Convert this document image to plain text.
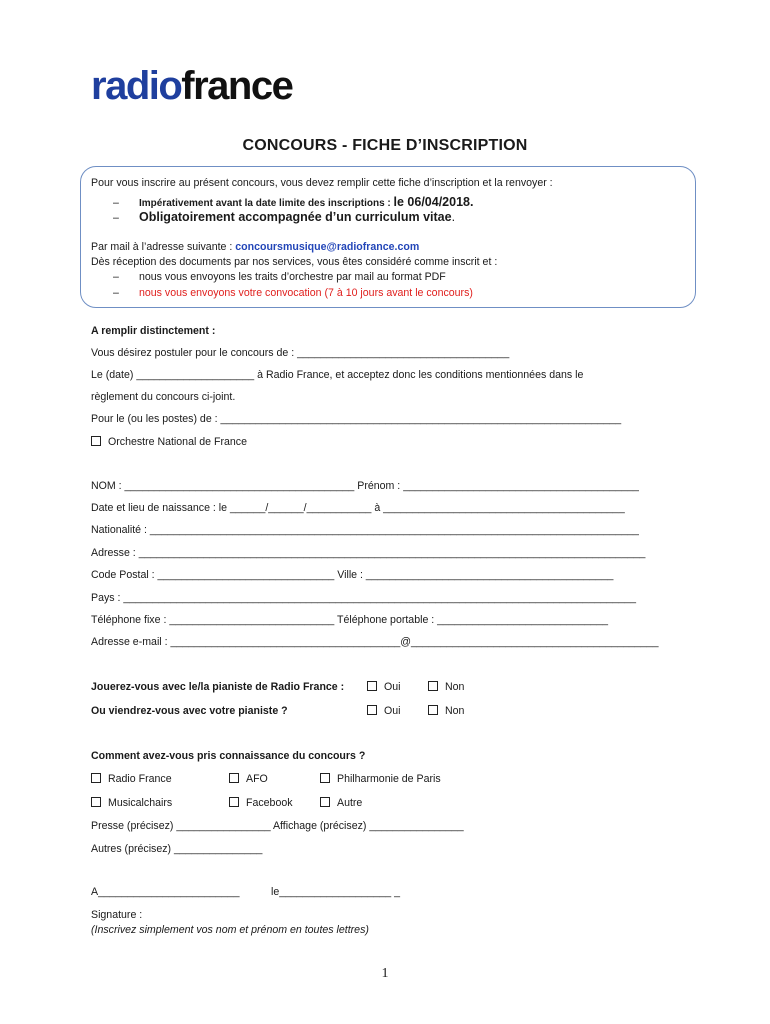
radiofrance
CONCOURS - FICHE D’INSCRIPTION
Pour vous inscrire au présent concours, vous devez remplir cette fiche d’inscription et la renvoyer :
– Impérativement avant la date limite des inscriptions : le 06/04/2018.
– Obligatoirement accompagnée d’un curriculum vitae.
Par mail à l’adresse suivante : concoursmusique@radiofrance.com
Dès réception des documents par nos services, vous êtes considéré comme inscrit et :
– nous vous envoyons les traits d’orchestre par mail au format PDF
– nous vous envoyons votre convocation (7 à 10 jours avant le concours)
A remplir distinctement :
Vous désirez postuler pour le concours de : ____________________________________
Le (date) ____________________ à Radio France, et acceptez donc les conditions mentionnées dans le
règlement du concours ci-joint.
Pour le (ou les postes) de : ____________________________________________________________________
Orchestre National de France
NOM : _______________________________________ Prénom : ________________________________________
Date et lieu de naissance : le ______/______/___________ à _________________________________________
Nationalité : ___________________________________________________________________________________
Adresse : ______________________________________________________________________________________
Code Postal : ______________________________ Ville : __________________________________________
Pays : _______________________________________________________________________________________
Téléphone fixe : ____________________________ Téléphone portable : _____________________________
Adresse e-mail : _______________________________________@__________________________________________
Jouerez-vous avec le/la pianiste de Radio France :	Oui	Non
Ou viendrez-vous avec votre pianiste ?	Oui	Non
Comment avez-vous pris connaissance du concours ?
Radio France	AFO	Philharmonie de Paris
Musicalchairs	Facebook	Autre
Presse (précisez) ________________ Affichage (précisez) ________________
Autres (précisez) _______________
A________________________	le___________________ _
Signature :
(Inscrivez simplement vos nom et prénom en toutes lettres)
1
